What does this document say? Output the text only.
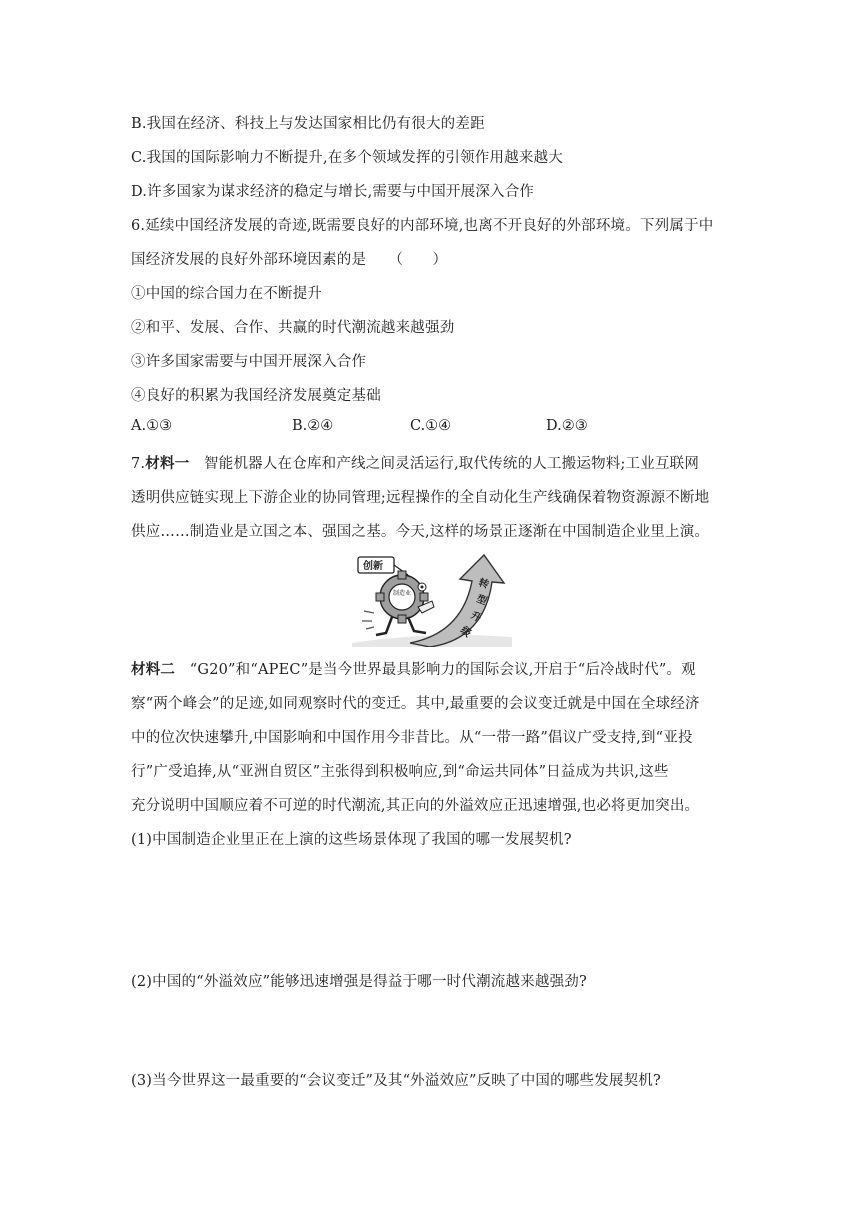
B.我国在经济、科技上与发达国家相比仍有很大的差距
C.我国的国际影响力不断提升,在多个领域发挥的引领作用越来越大
D.许多国家为谋求经济的稳定与增长,需要与中国开展深入合作
6.延续中国经济发展的奇迹,既需要良好的内部环境,也离不开良好的外部环境。下列属于中
国经济发展的良好外部环境因素的是　　（　　）
①中国的综合国力在不断提升
②和平、发展、合作、共赢的时代潮流越来越强劲
③许多国家需要与中国开展深入合作
④良好的积累为我国经济发展奠定基础
A.①③	B.②④	C.①④	D.②③
7.材料一　智能机器人在仓库和产线之间灵活运行,取代传统的人工搬运物料;工业互联网
透明供应链实现上下游企业的协同管理;远程操作的全自动化生产线确保着物资源源不断地
供应……制造业是立国之本、强国之基。今天,这样的场景正逐渐在中国制造企业里上演。
转
型
升
级
创新
制造业
材料二　“G20”和“APEC”是当今世界最具影响力的国际会议,开启于“后冷战时代”。观
察“两个峰会”的足迹,如同观察时代的变迁。其中,最重要的会议变迁就是中国在全球经济
中的位次快速攀升,中国影响和中国作用今非昔比。从“一带一路”倡议广受支持,到“亚投
行”广受追捧,从“亚洲自贸区”主张得到积极响应,到“命运共同体”日益成为共识,这些
充分说明中国顺应着不可逆的时代潮流,其正向的外溢效应正迅速增强,也必将更加突出。
(1)中国制造企业里正在上演的这些场景体现了我国的哪一发展契机?
(2)中国的“外溢效应”能够迅速增强是得益于哪一时代潮流越来越强劲?
(3)当今世界这一最重要的“会议变迁”及其“外溢效应”反映了中国的哪些发展契机?
